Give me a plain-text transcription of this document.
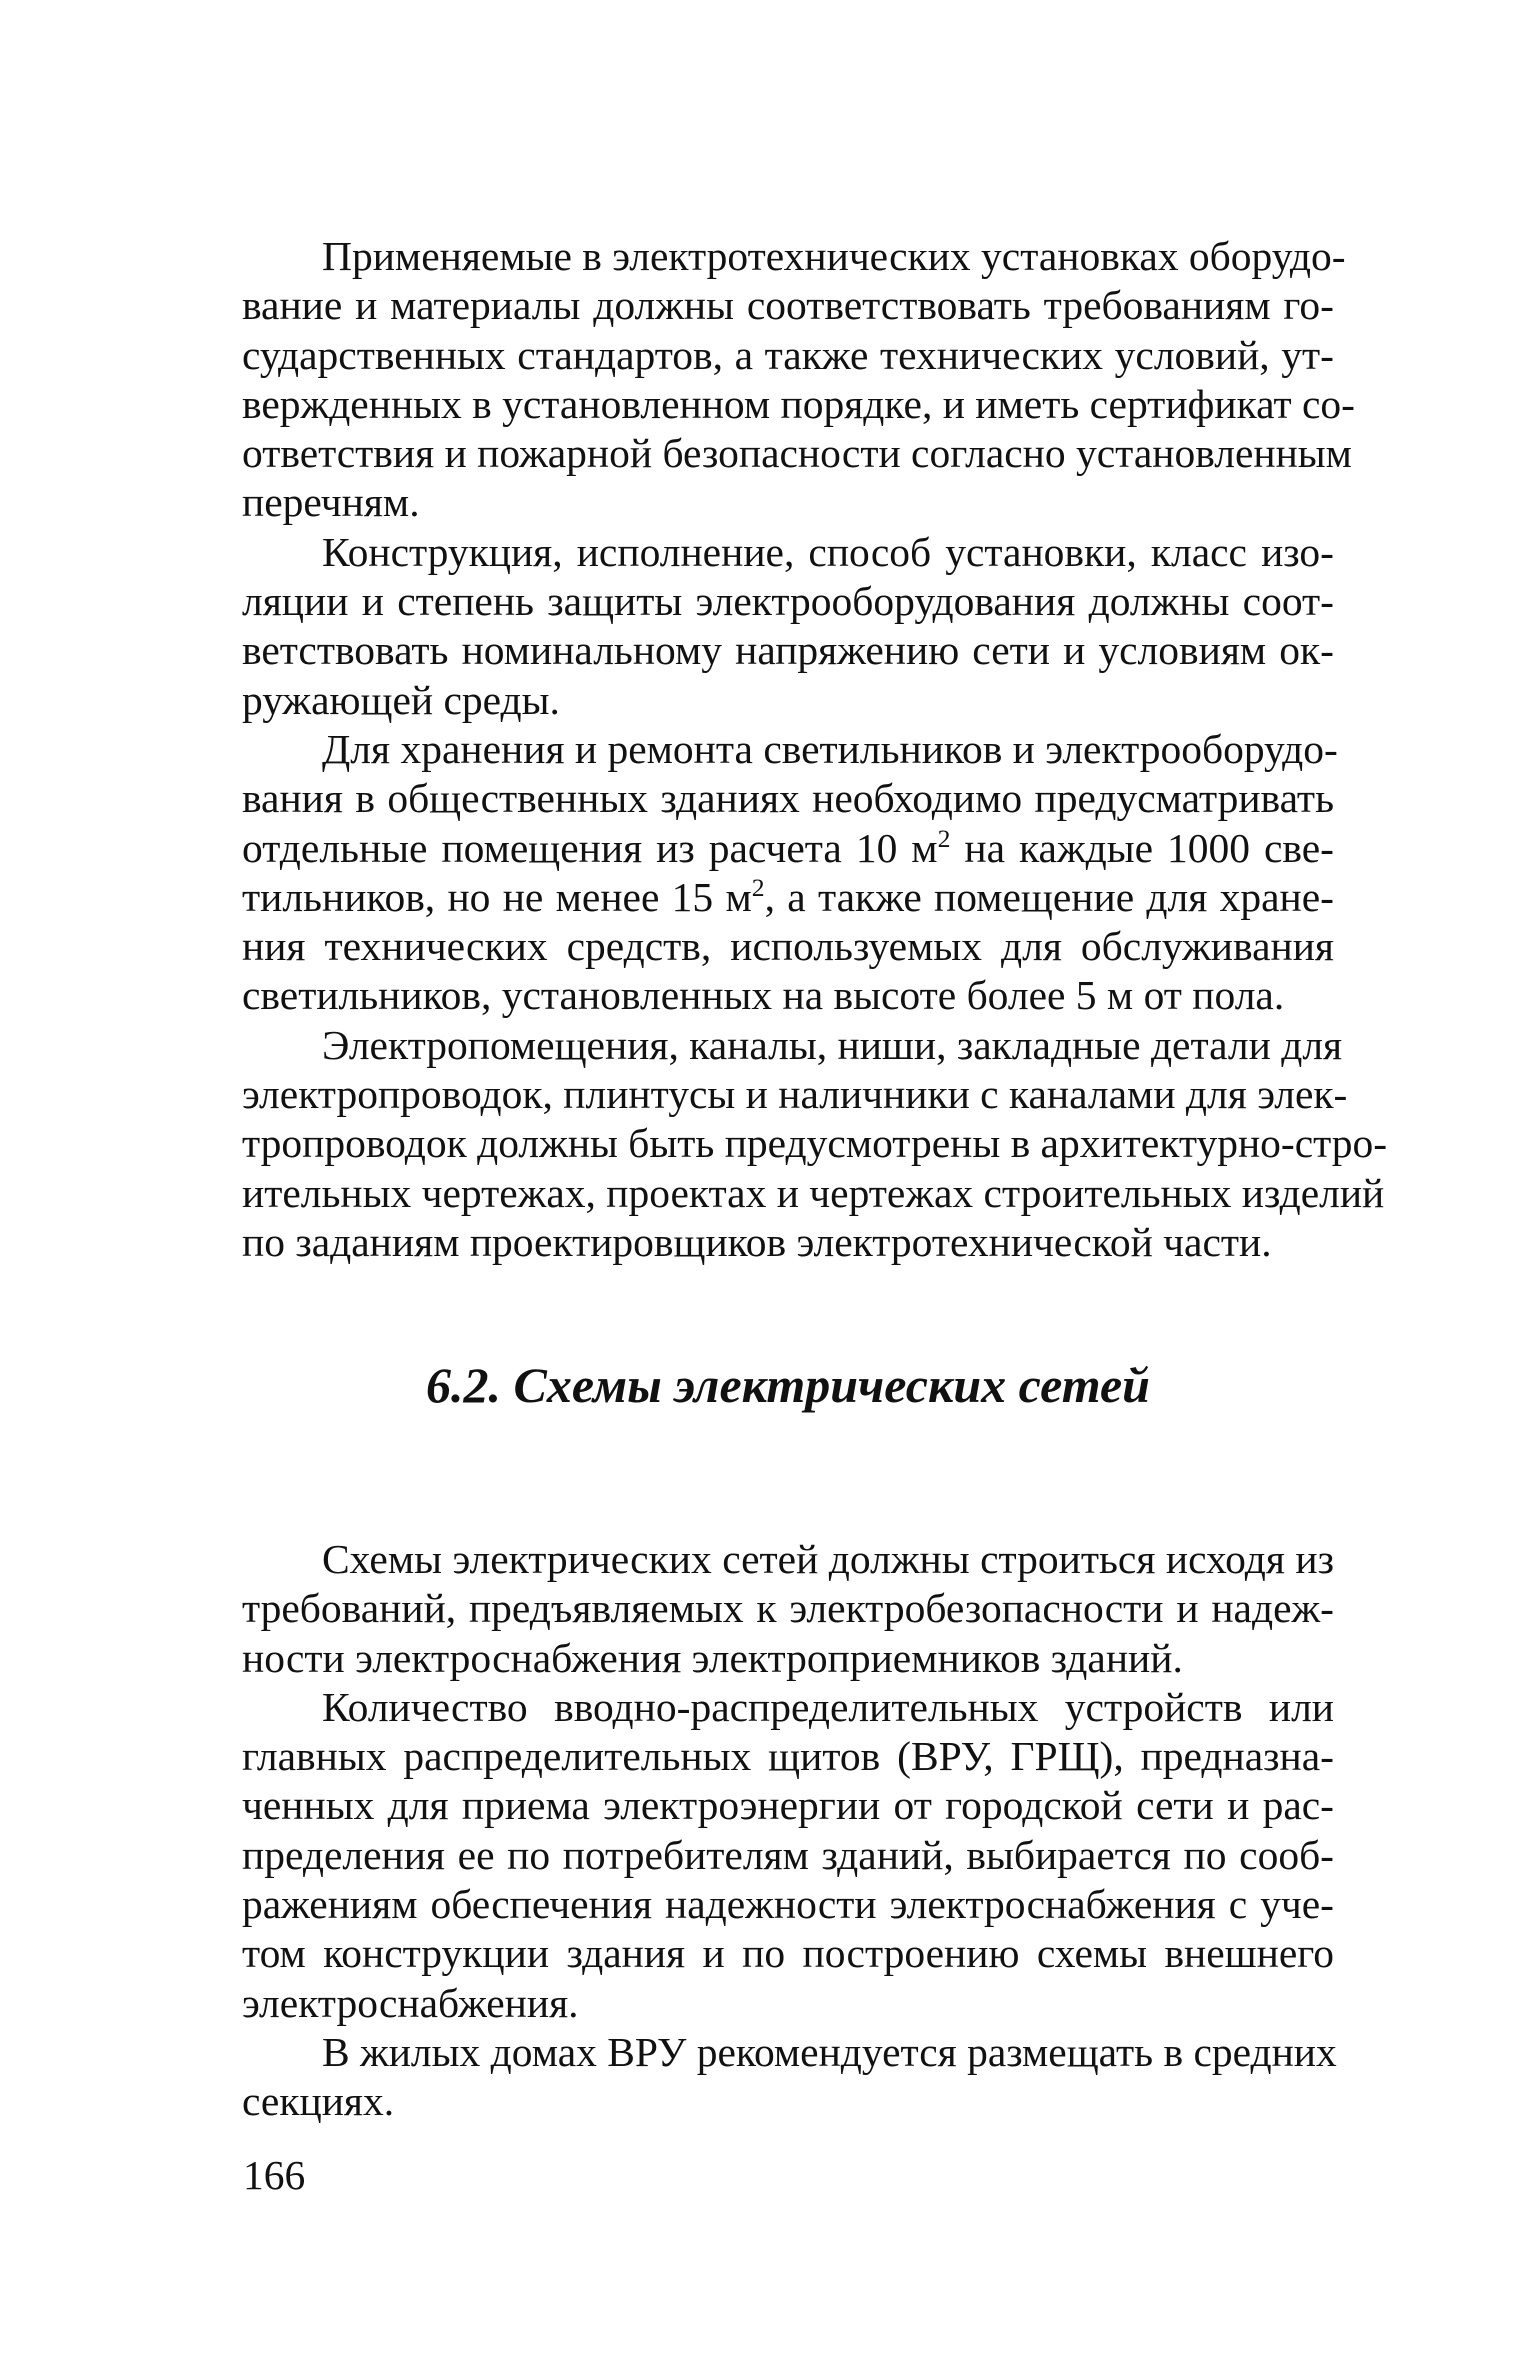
Применяемые в электротехнических установках оборудо-
вание и материалы должны соответствовать требованиям го-
сударственных стандартов, а также технических условий, ут-
вержденных в установленном порядке, и иметь сертификат со-
ответствия и пожарной безопасности согласно установленным
перечням.
Конструкция, исполнение, способ установки, класс изо-
ляции и степень защиты электрооборудования должны соот-
ветствовать номинальному напряжению сети и условиям ок-
ружающей среды.
Для хранения и ремонта светильников и электрооборудо-
вания в общественных зданиях необходимо предусматривать
отдельные помещения из расчета 10 $м^2$ на каждые 1000 све-
тильников, но не менее 15 $м^2$, а также помещение для хране-
ния технических средств, используемых для обслуживания
светильников, установленных на высоте более 5 м от пола.
Электропомещения, каналы, ниши, закладные детали для
электропроводок, плинтусы и наличники с каналами для элек-
тропроводок должны быть предусмотрены в архитектурно-стро-
ительных чертежах, проектах и чертежах строительных изделий
по заданиям проектировщиков электротехнической части.
6.2. Схемы электрических сетей
Схемы электрических сетей должны строиться исходя из
требований, предъявляемых к электробезопасности и надеж-
ности электроснабжения электроприемников зданий.
Количество вводно-распределительных устройств или
главных распределительных щитов (ВРУ, ГРЩ), предназна-
ченных для приема электроэнергии от городской сети и рас-
пределения ее по потребителям зданий, выбирается по сооб-
ражениям обеспечения надежности электроснабжения с уче-
том конструкции здания и по построению схемы внешнего
электроснабжения.
В жилых домах ВРУ рекомендуется размещать в средних
секциях.
166
